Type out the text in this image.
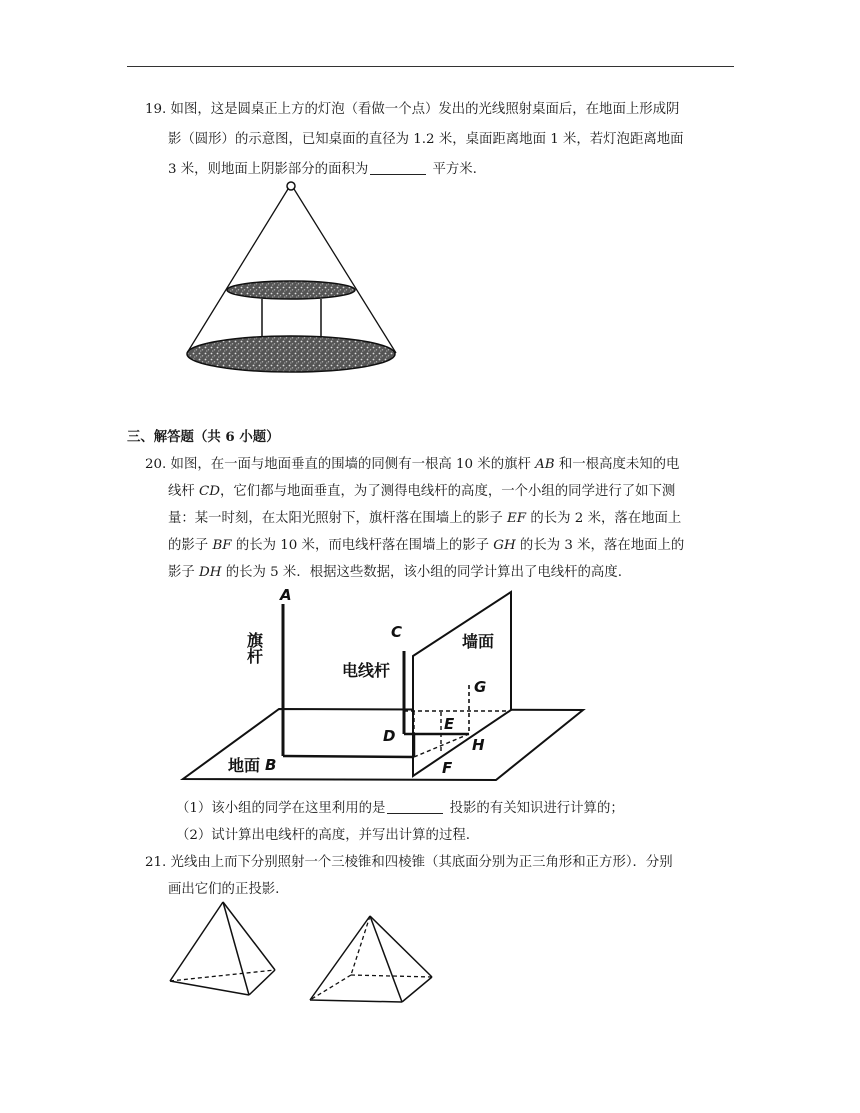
19. 如图，这是圆桌正上方的灯泡（看做一个点）发出的光线照射桌面后，在地面上形成阴
影（圆形）的示意图，已知桌面的直径为 1.2 米，桌面距离地面 1 米，若灯泡距离地面
3 米，则地面上阴影部分的面积为	平方米.
三、解答题（共 6 小题）
20. 如图，在一面与地面垂直的围墙的同侧有一根高 10 米的旗杆 AB 和一根高度未知的电
线杆 CD，它们都与地面垂直，为了测得电线杆的高度，一个小组的同学进行了如下测
量：某一时刻，在太阳光照射下，旗杆落在围墙上的影子 EF 的长为 2 米，落在地面上
的影子 BF 的长为 10 米，而电线杆落在围墙上的影子 GH 的长为 3 米，落在地面上的
影子 DH 的长为 5 米．根据这些数据，该小组的同学计算出了电线杆的高度.
A
B
C
D
E
F
G
H
地面
墙面
电线杆
旗杆
（1）该小组的同学在这里利用的是	投影的有关知识进行计算的；
（2）试计算出电线杆的高度，并写出计算的过程.
21. 光线由上而下分别照射一个三棱锥和四棱锥（其底面分别为正三角形和正方形）．分别
画出它们的正投影.
